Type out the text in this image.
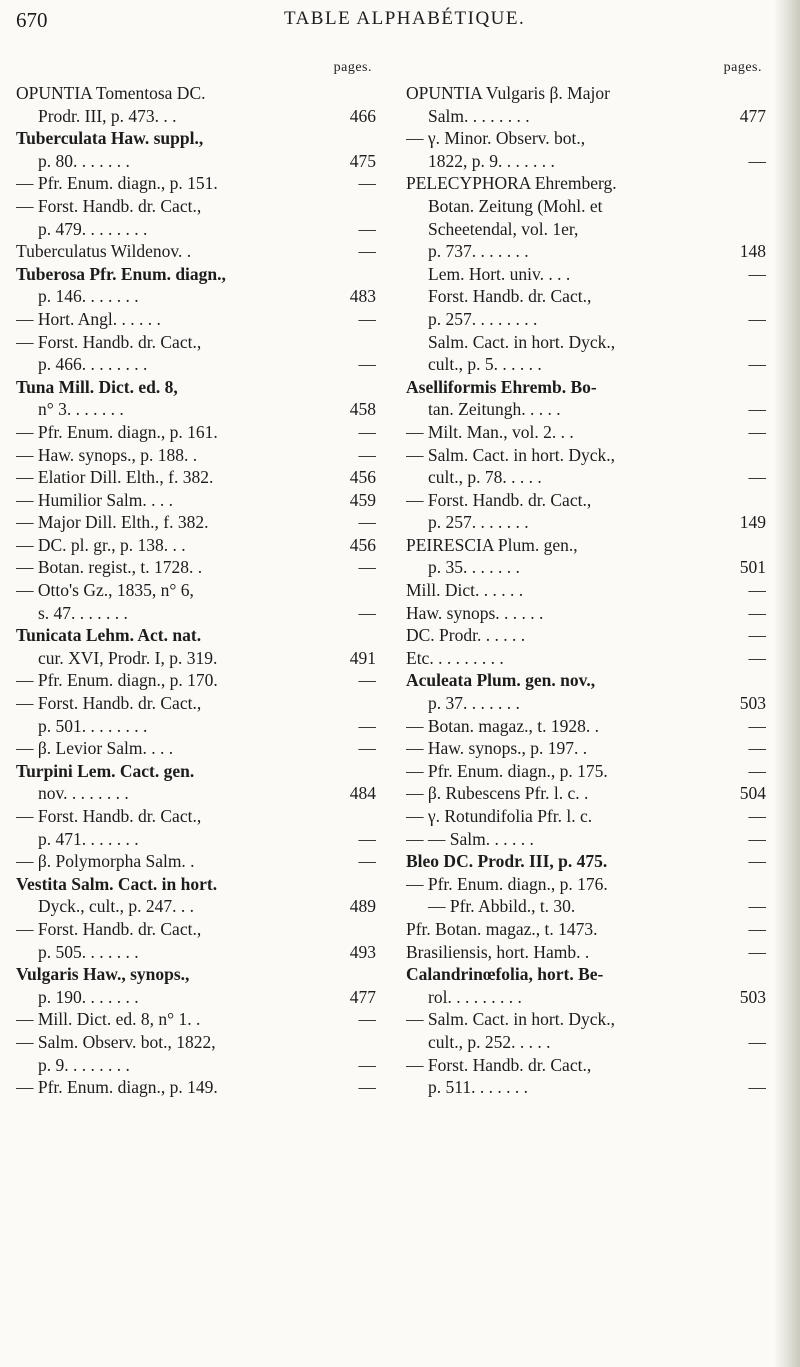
670	TABLE ALPHABÉTIQUE.
pages.
OPUNTIA Tomentosa DC.
Prodr. III, p. 473. . .	466
Tuberculata Haw. suppl.,
p. 80. . . . . . .	475
— Pfr. Enum. diagn., p. 151.	—
— Forst. Handb. dr. Cact.,
p. 479. . . . . . . .	—
Tuberculatus Wildenov. .	—
Tuberosa Pfr. Enum. diagn.,
p. 146. . . . . . .	483
— Hort. Angl. . . . . .	—
— Forst. Handb. dr. Cact.,
p. 466. . . . . . . .	—
Tuna Mill. Dict. ed. 8,
n° 3. . . . . . .	458
— Pfr. Enum. diagn., p. 161.	—
— Haw. synops., p. 188. .	—
— Elatior Dill. Elth., f. 382.	456
— Humilior Salm. . . .	459
— Major Dill. Elth., f. 382.	—
— DC. pl. gr., p. 138. . .	456
— Botan. regist., t. 1728. .	—
— Otto's Gz., 1835, n° 6,
s. 47. . . . . . .	—
Tunicata Lehm. Act. nat.
cur. XVI, Prodr. I, p. 319.	491
— Pfr. Enum. diagn., p. 170.	—
— Forst. Handb. dr. Cact.,
p. 501. . . . . . . .	—
— β. Levior Salm. . . .	—
Turpini Lem. Cact. gen.
nov. . . . . . . .	484
— Forst. Handb. dr. Cact.,
p. 471. . . . . . .	—
— β. Polymorpha Salm. .	—
Vestita Salm. Cact. in hort.
Dyck., cult., p. 247. . .	489
— Forst. Handb. dr. Cact.,
p. 505. . . . . . .	493
Vulgaris Haw., synops.,
p. 190. . . . . . .	477
— Mill. Dict. ed. 8, n° 1. .	—
— Salm. Observ. bot., 1822,
p. 9. . . . . . . .	—
— Pfr. Enum. diagn., p. 149.	—
pages.
OPUNTIA Vulgaris β. Major
Salm. . . . . . . .	477
— γ. Minor. Observ. bot.,
1822, p. 9. . . . . . .	—
PELECYPHORA Ehremberg.
Botan. Zeitung (Mohl. et
Scheetendal, vol. 1er,
p. 737. . . . . . .	148
Lem. Hort. univ. . . .	—
Forst. Handb. dr. Cact.,
p. 257. . . . . . . .	—
Salm. Cact. in hort. Dyck.,
cult., p. 5. . . . . .	—
Aselliformis Ehremb. Bo-
tan. Zeitungh. . . . .	—
— Milt. Man., vol. 2. . .	—
— Salm. Cact. in hort. Dyck.,
cult., p. 78. . . . .	—
— Forst. Handb. dr. Cact.,
p. 257. . . . . . .	149
PEIRESCIA Plum. gen.,
p. 35. . . . . . .	501
Mill. Dict. . . . . .	—
Haw. synops. . . . . .	—
DC. Prodr. . . . . .	—
Etc. . . . . . . . .	—
Aculeata Plum. gen. nov.,
p. 37. . . . . . .	503
— Botan. magaz., t. 1928. .	—
— Haw. synops., p. 197. .	—
— Pfr. Enum. diagn., p. 175.	—
— β. Rubescens Pfr. l. c. .	504
— γ. Rotundifolia Pfr. l. c.	—
— — Salm. . . . . .	—
Bleo DC. Prodr. III, p. 475.	—
— Pfr. Enum. diagn., p. 176.
— Pfr. Abbild., t. 30.	—
Pfr. Botan. magaz., t. 1473.	—
Brasiliensis, hort. Hamb. .	—
Calandrinœfolia, hort. Be-
rol. . . . . . . . .	503
— Salm. Cact. in hort. Dyck.,
cult., p. 252. . . . .	—
— Forst. Handb. dr. Cact.,
p. 511. . . . . . .	—
